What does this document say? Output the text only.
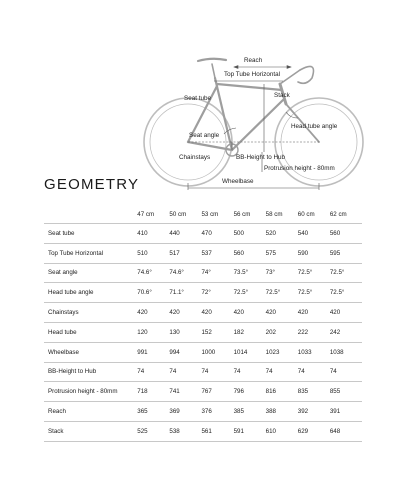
Reach
Top Tube Horizontal
Stack
Seat tube
Head tube angle
Seat angle
Chainstays	BB-Height to Hub
Protrusion height - 80mm
Wheelbase
GEOMETRY
	47 cm	50 cm	53 cm	56 cm	58 cm	60 cm	62 cm
Seat tube	410	440	470	500	520	540	560
Top Tube Horizontal	510	517	537	560	575	590	595
Seat angle	74.6°	74.6°	74°	73.5°	73°	72.5°	72.5°
Head tube angle	70.6°	71.1°	72°	72.5°	72.5°	72.5°	72.5°
Chainstays	420	420	420	420	420	420	420
Head tube	120	130	152	182	202	222	242
Wheelbase	991	994	1000	1014	1023	1033	1038
BB-Height to Hub	74	74	74	74	74	74	74
Protrusion height - 80mm	718	741	767	796	816	835	855
Reach	365	369	376	385	388	392	391
Stack	525	538	561	591	610	629	648
